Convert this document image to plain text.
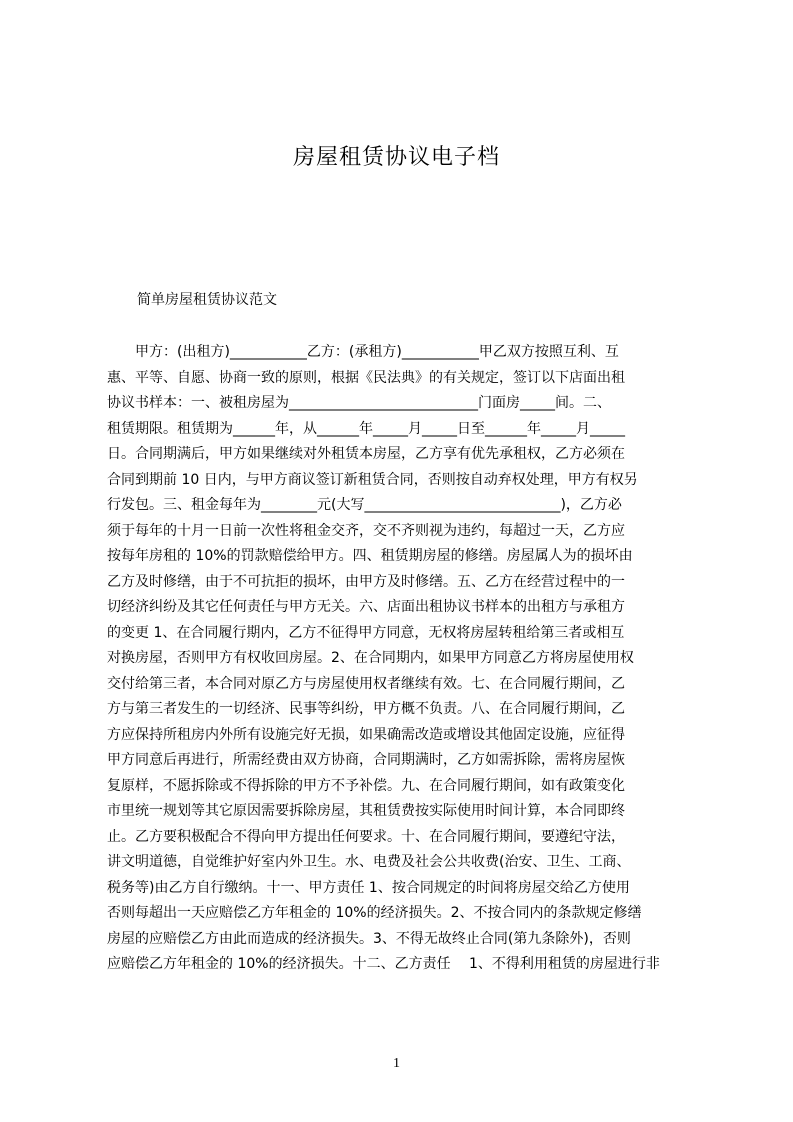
房屋租赁协议电子档
简单房屋租赁协议范文
　　甲方：(出租方)___________乙方：(承租方)___________甲乙双方按照互利、互
惠、平等、自愿、协商一致的原则，根据《民法典》的有关规定，签订以下店面出租
协议书样本：一、被租房屋为___________________________门面房_____间。二、
租赁期限。租赁期为______年，从______年_____月_____日至______年_____月_____
日。合同期满后，甲方如果继续对外租赁本房屋，乙方享有优先承租权，乙方必须在
合同到期前 10 日内，与甲方商议签订新租赁合同，否则按自动弃权处理，甲方有权另
行发包。三、租金每年为________元(大写____________________________)，乙方必
须于每年的十月一日前一次性将租金交齐，交不齐则视为违约，每超过一天，乙方应
按每年房租的 10%的罚款赔偿给甲方。四、租赁期房屋的修缮。房屋属人为的损坏由
乙方及时修缮，由于不可抗拒的损坏，由甲方及时修缮。五、乙方在经营过程中的一
切经济纠纷及其它任何责任与甲方无关。六、店面出租协议书样本的出租方与承租方
的变更 1、在合同履行期内，乙方不征得甲方同意，无权将房屋转租给第三者或相互
对换房屋，否则甲方有权收回房屋。2、在合同期内，如果甲方同意乙方将房屋使用权
交付给第三者，本合同对原乙方与房屋使用权者继续有效。七、在合同履行期间，乙
方与第三者发生的一切经济、民事等纠纷，甲方概不负责。八、在合同履行期间，乙
方应保持所租房内外所有设施完好无损，如果确需改造或增设其他固定设施，应征得
甲方同意后再进行，所需经费由双方协商，合同期满时，乙方如需拆除，需将房屋恢
复原样，不愿拆除或不得拆除的甲方不予补偿。九、在合同履行期间，如有政策变化
市里统一规划等其它原因需要拆除房屋，其租赁费按实际使用时间计算，本合同即终
止。乙方要积极配合不得向甲方提出任何要求。十、在合同履行期间，要遵纪守法，
讲文明道德，自觉维护好室内外卫生。水、电费及社会公共收费(治安、卫生、工商、
税务等)由乙方自行缴纳。十一、甲方责任 1、按合同规定的时间将房屋交给乙方使用
否则每超出一天应赔偿乙方年租金的 10%的经济损失。2、不按合同内的条款规定修缮
房屋的应赔偿乙方由此而造成的经济损失。3、不得无故终止合同(第九条除外)，否则
应赔偿乙方年租金的 10%的经济损失。十二、乙方责任　 1、不得利用租赁的房屋进行非
1
